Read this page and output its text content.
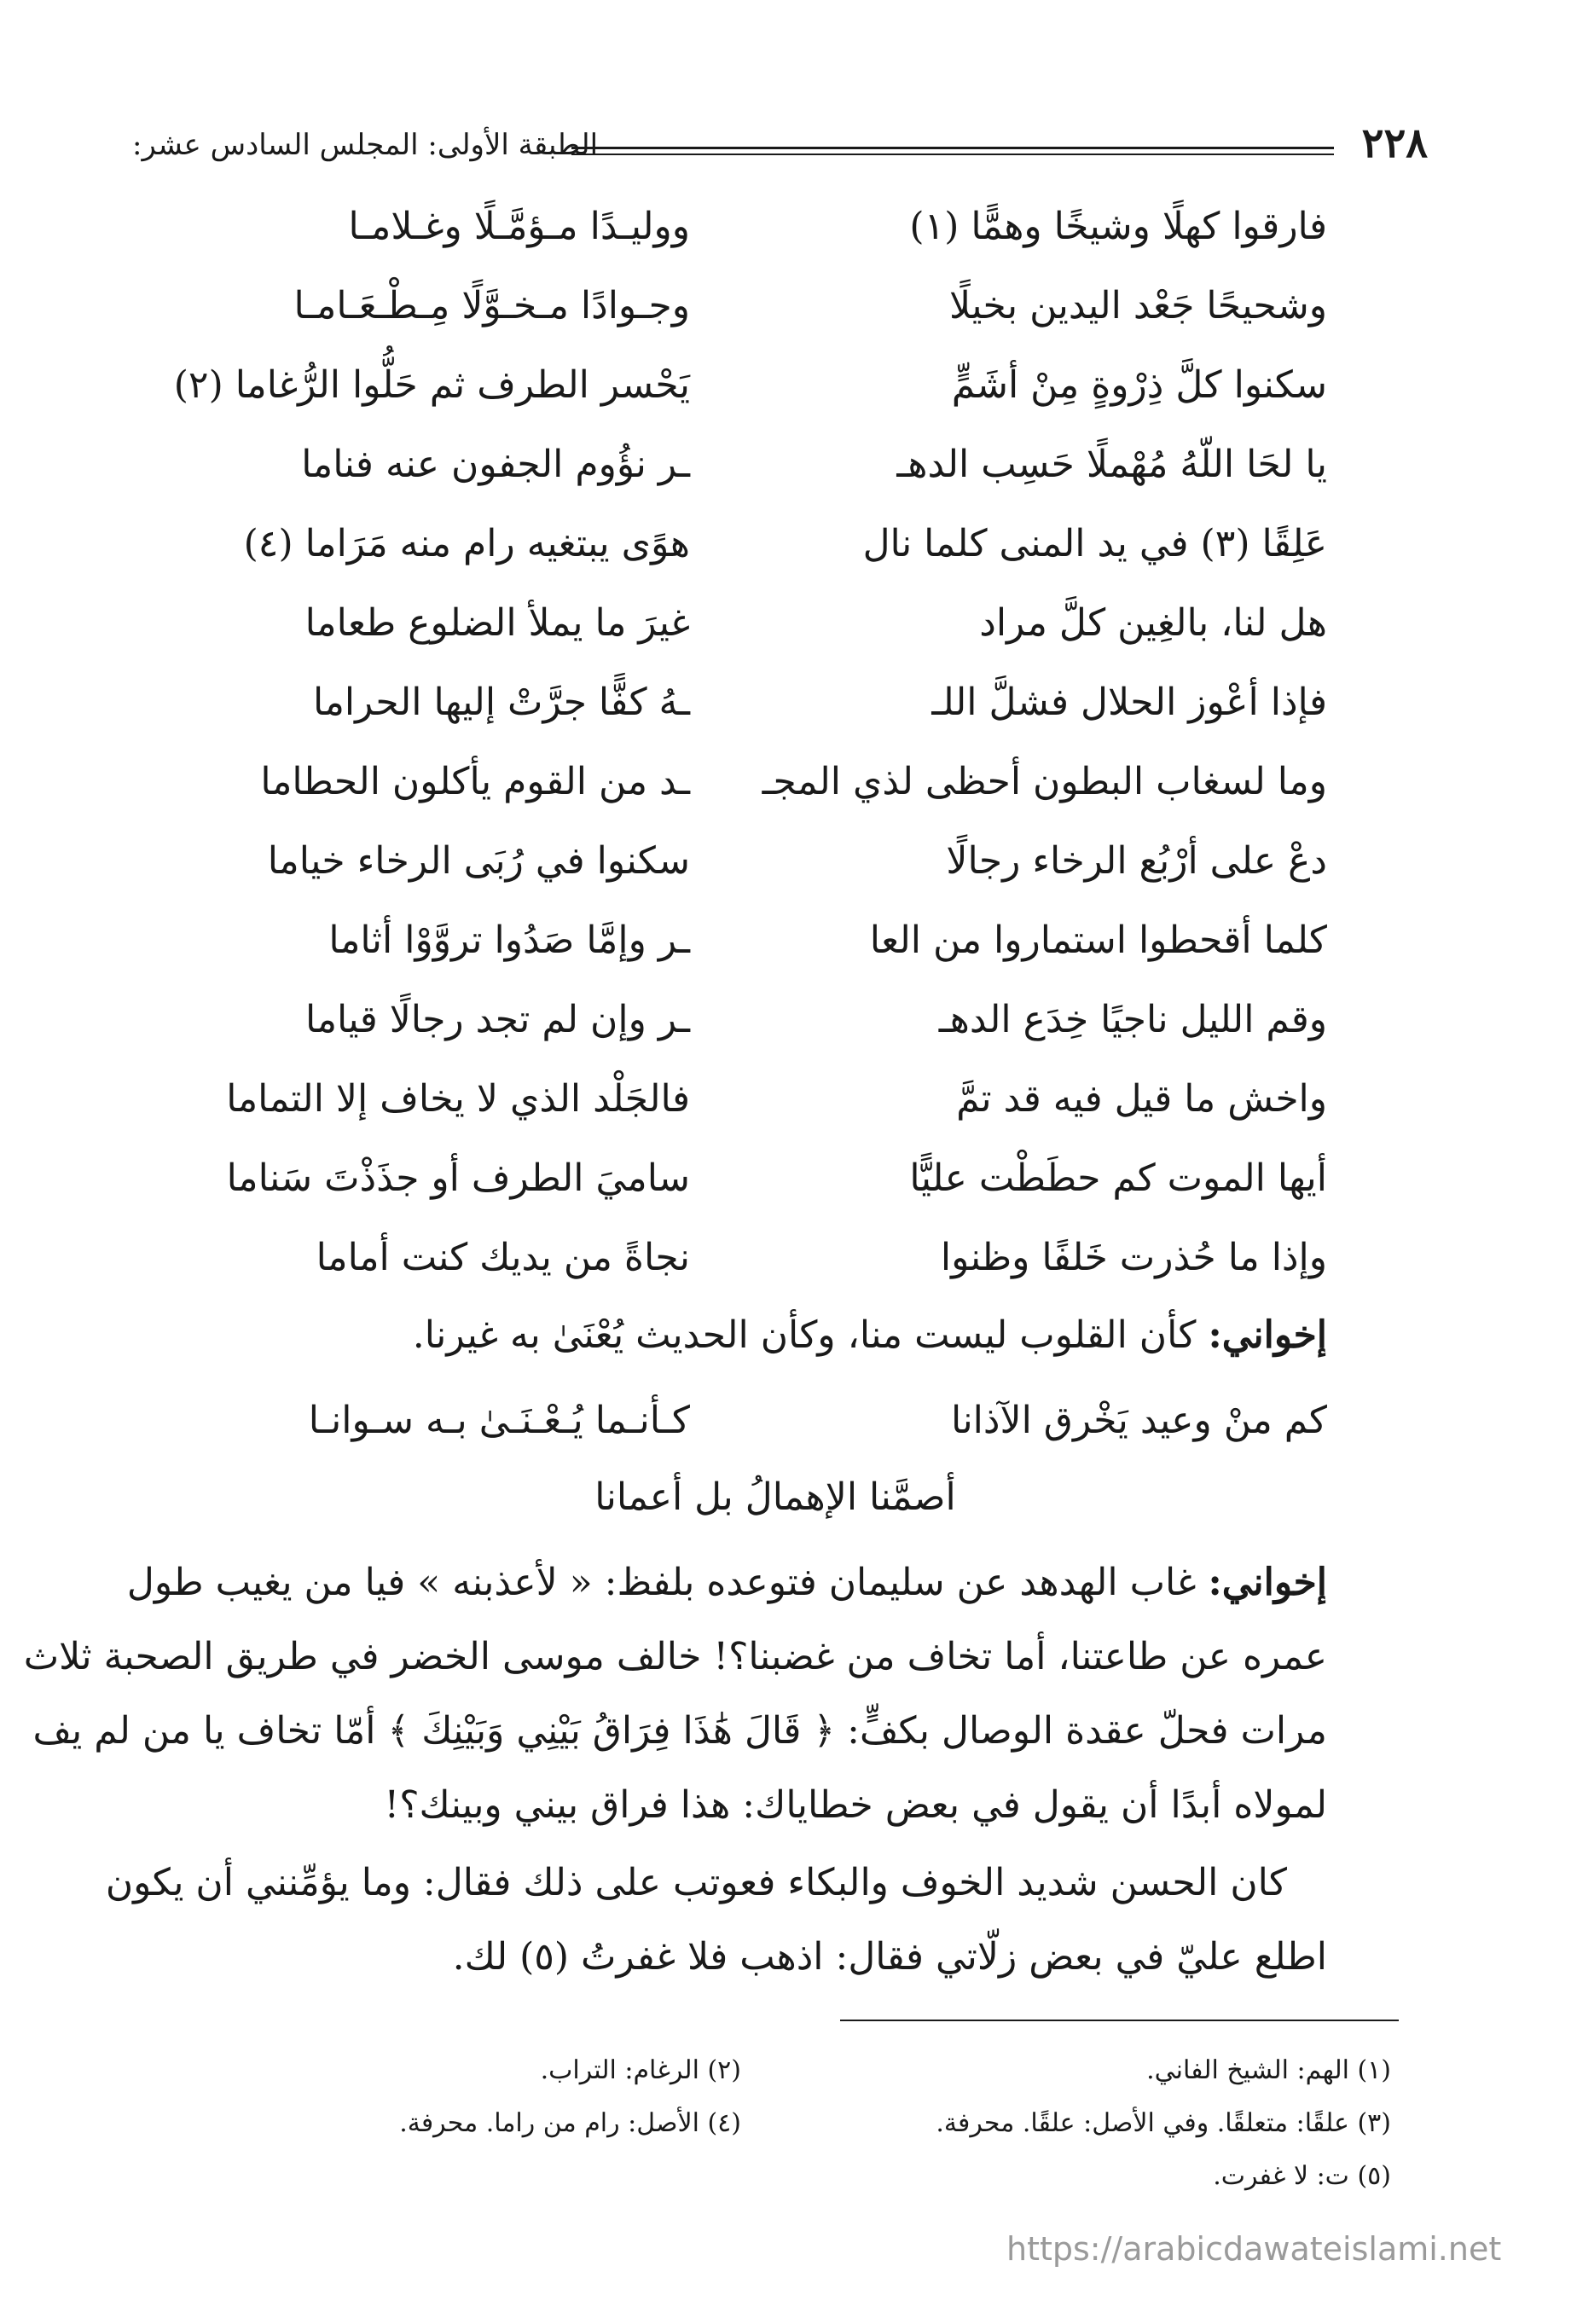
الطبقة الأولى: المجلس السادس عشر:	٢٢٨
فارقوا كهلًا وشيخًا وهمًّا (١)
ووليـدًا مـؤمَّـلًا وغـلامـا
وشحيحًا جَعْد اليدين بخيلًا
وجـوادًا مـخـوَّلًا مِـطْـعَـامـا
سكنوا كلَّ ذِرْوةٍ مِنْ أشَمٍّ
يَحْسر الطرف ثم حَلُّوا الرُّغاما (٢)
يا لحَا اللّهُ مُهْملًا حَسِب الدهـ
ـر نؤُوم الجفون عنه فناما
عَلِقًا (٣) في يد المنى كلما نال
هوًى يبتغيه رام منه مَرَاما (٤)
هل لنا، بالغِين كلَّ مراد
غيرَ ما يملأ الضلوع طعاما
فإذا أعْوز الحلال فشلَّ اللـ
ـهُ كفًّا جرَّتْ إليها الحراما
وما لسغاب البطون أحظى لذي المجـ
ـد من القوم يأكلون الحطاما
دعْ على أرْبُع الرخاء رجالًا
سكنوا في رُبَى الرخاء خياما
كلما أقحطوا استماروا من العا
ـر وإمَّا صَدُوا تروَّوْا أثاما
وقم الليل ناجيًا خِدَع الدهـ
ـر وإن لم تجد رجالًا قياما
واخش ما قيل فيه قد تمَّ
فالجَلْد الذي لا يخاف إلا التماما
أيها الموت كم حطَطْت عليًّا
ساميَ الطرف أو جذَذْتَ سَناما
وإذا ما حُذرت خَلفًا وظنوا
نجاةً من يديك كنت أماما
إخواني: كأن القلوب ليست منا، وكأن الحديث يُعْنَىٰ به غيرنا.
كم منْ وعيد يَخْرق الآذانا
كـأنـما يُـعْـنَـىٰ بـه سـوانـا
أصمَّنا الإهمالُ بل أعمانا
إخواني: غاب الهدهد عن سليمان فتوعده بلفظ: « لأعذبنه » فيا من يغيب طول
عمره عن طاعتنا، أما تخاف من غضبنا؟! خالف موسى الخضر في طريق الصحبة ثلاث
مرات فحلّ عقدة الوصال بكفٍّ: ﴿ قَالَ هَٰذَا فِرَاقُ بَيْنِي وَبَيْنِكَ ﴾ أمّا تخاف يا من لم يف
لمولاه أبدًا أن يقول في بعض خطاياك: هذا فراق بيني وبينك؟!
كان الحسن شديد الخوف والبكاء فعوتب على ذلك فقال: وما يؤمِّنني أن يكون
اطلع عليّ في بعض زلّاتي فقال: اذهب فلا غفرتُ (٥) لك.
(١) الهم: الشيخ الفاني.
(٢) الرغام: التراب.
(٣) علقًا: متعلقًا. وفي الأصل: علقًا. محرفة.
(٤) الأصل: رام من راما. محرفة.
(٥) ت: لا غفرت.
https://arabicdawateislami.net
